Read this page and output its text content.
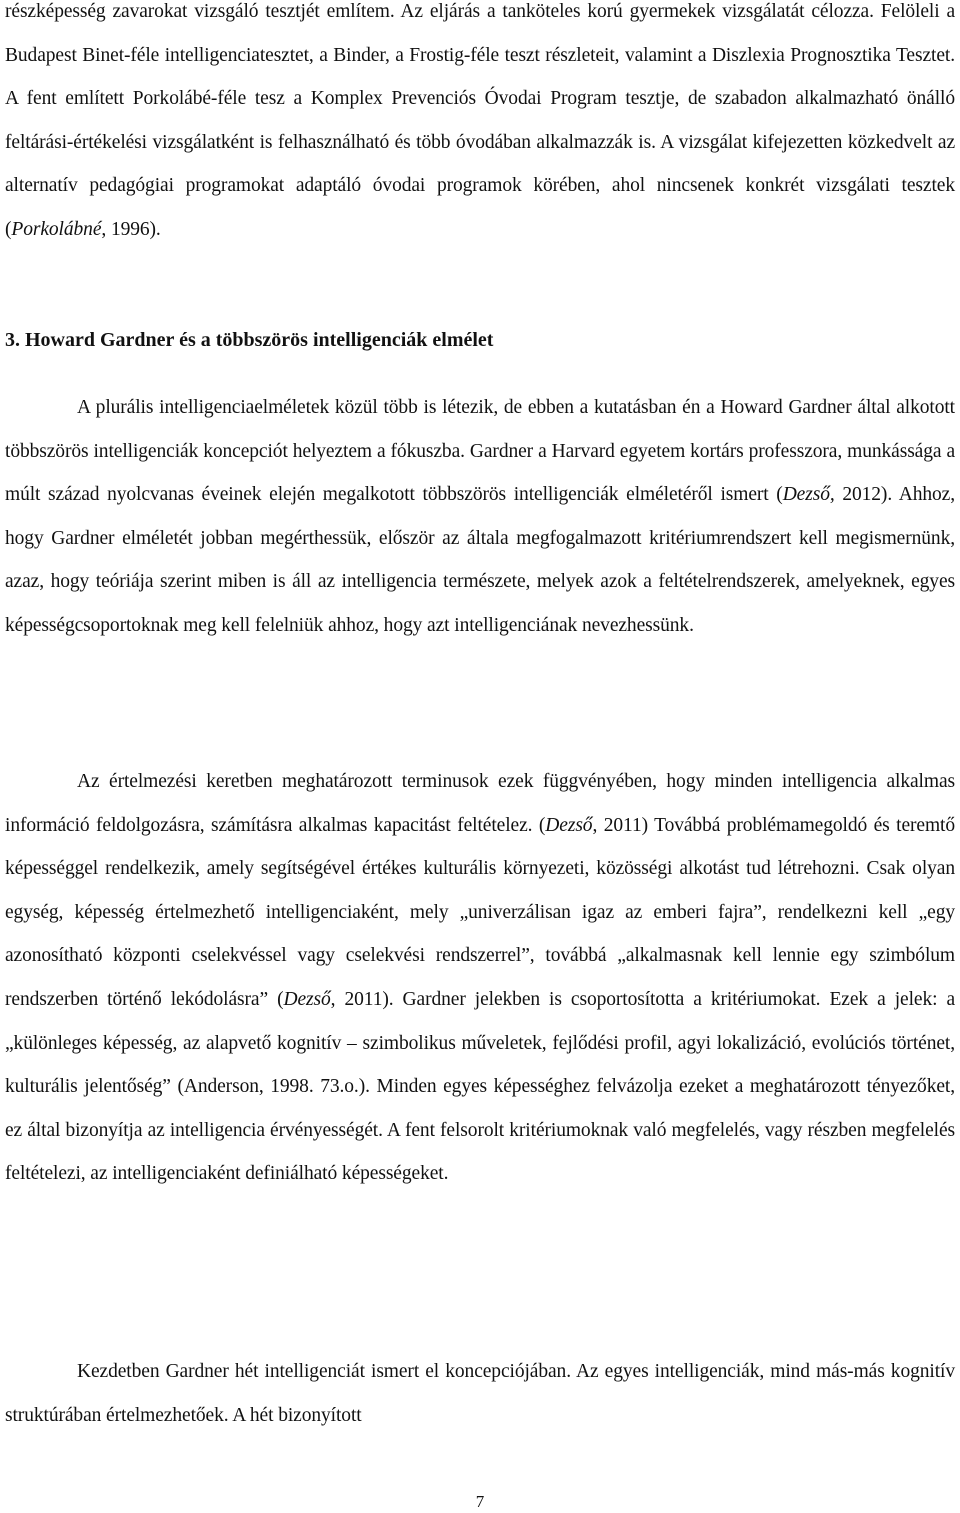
részképesség zavarokat vizsgáló tesztjét említem. Az eljárás a tanköteles korú gyermekek vizsgálatát célozza. Felöleli a Budapest Binet-féle intelligenciatesztet, a Binder, a Frostig-féle teszt részleteit, valamint a Diszlexia Prognosztika Tesztet. A fent említett Porkolábé-féle tesz a Komplex Prevenciós Óvodai Program tesztje, de szabadon alkalmazható önálló feltárási-értékelési vizsgálatként is felhasználható és több óvodában alkalmazzák is. A vizsgálat kifejezetten közkedvelt az alternatív pedagógiai programokat adaptáló óvodai programok körében, ahol nincsenek konkrét vizsgálati tesztek (Porkolábné, 1996).

3. Howard Gardner és a többszörös intelligenciák elmélet

A plurális intelligenciaelméletek közül több is létezik, de ebben a kutatásban én a Howard Gardner által alkotott többszörös intelligenciák koncepciót helyeztem a fókuszba. Gardner a Harvard egyetem kortárs professzora, munkássága a múlt század nyolcvanas éveinek elején megalkotott többszörös intelligenciák elméletéről ismert (Dezső, 2012). Ahhoz, hogy Gardner elméletét jobban megérthessük, először az általa megfogalmazott kritériumrendszert kell megismernünk, azaz, hogy teóriája szerint miben is áll az intelligencia természete, melyek azok a feltételrendszerek, amelyeknek, egyes képességcsoportoknak meg kell felelniük ahhoz, hogy azt intelligenciának nevezhessünk.

Az értelmezési keretben meghatározott terminusok ezek függvényében, hogy minden intelligencia alkalmas információ feldolgozásra, számításra alkalmas kapacitást feltételez. (Dezső, 2011) Továbbá problémamegoldó és teremtő képességgel rendelkezik, amely segítségével értékes kulturális környezeti, közösségi alkotást tud létrehozni. Csak olyan egység, képesség értelmezhető intelligenciaként, mely „univerzálisan igaz az emberi fajra”, rendelkezni kell „egy azonosítható központi cselekvéssel vagy cselekvési rendszerrel”, továbbá „alkalmasnak kell lennie egy szimbólum rendszerben történő lekódolásra” (Dezső, 2011). Gardner jelekben is csoportosította a kritériumokat. Ezek a jelek: a „különleges képesség, az alapvető kognitív – szimbolikus műveletek, fejlődési profil, agyi lokalizáció, evolúciós történet, kulturális jelentőség” (Anderson, 1998. 73.o.). Minden egyes képességhez felvázolja ezeket a meghatározott tényezőket, ez által bizonyítja az intelligencia érvényességét. A fent felsorolt kritériumoknak való megfelelés, vagy részben megfelelés feltételezi, az intelligenciaként definiálható képességeket.

Kezdetben Gardner hét intelligenciát ismert el koncepciójában. Az egyes intelligenciák, mind más-más kognitív struktúrában értelmezhetőek. A hét bizonyított

7
